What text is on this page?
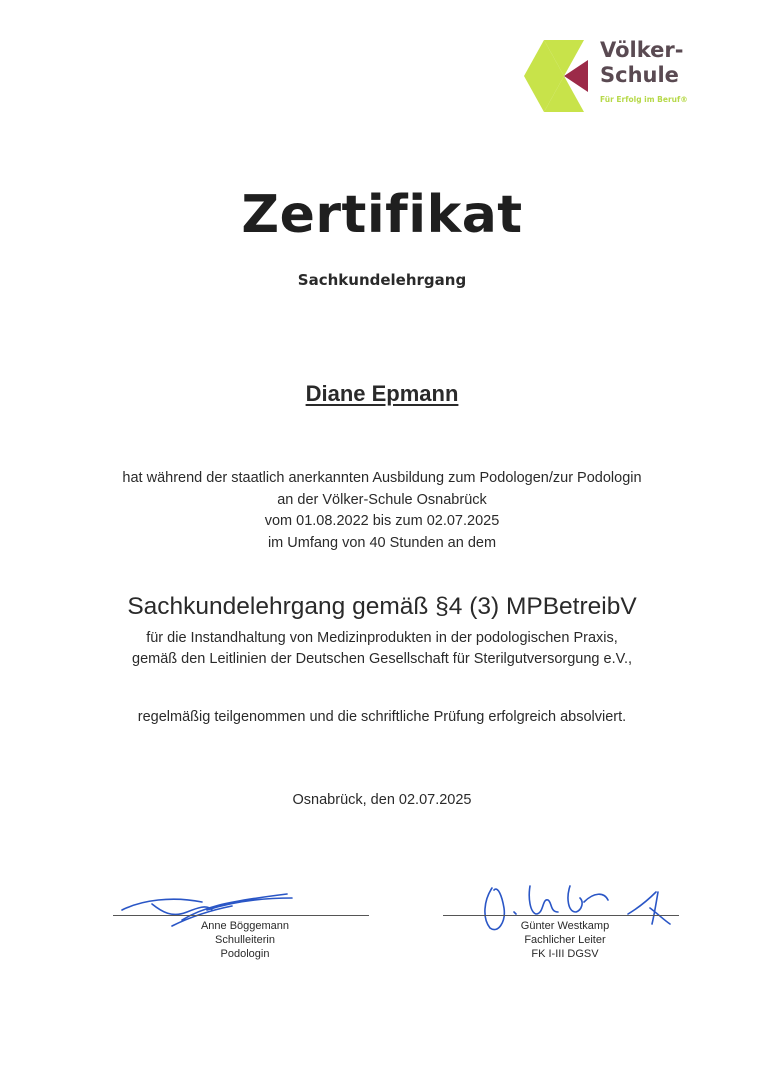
Völker-
Schule
Für Erfolg im Beruf®
Zertifikat
Sachkundelehrgang
Diane Epmann
hat während der staatlich anerkannten Ausbildung zum Podologen/zur Podologin
an der Völker-Schule Osnabrück
vom 01.08.2022 bis zum 02.07.2025
im Umfang von 40 Stunden an dem
Sachkundelehrgang gemäß §4 (3) MPBetreibV
für die Instandhaltung von Medizinprodukten in der podologischen Praxis,
gemäß den Leitlinien der Deutschen Gesellschaft für Sterilgutversorgung e.V.,
regelmäßig teilgenommen und die schriftliche Prüfung erfolgreich absolviert.
Osnabrück, den 02.07.2025
Anne Böggemann
Schulleiterin
Podologin
Günter Westkamp
Fachlicher Leiter
FK I-III DGSV
